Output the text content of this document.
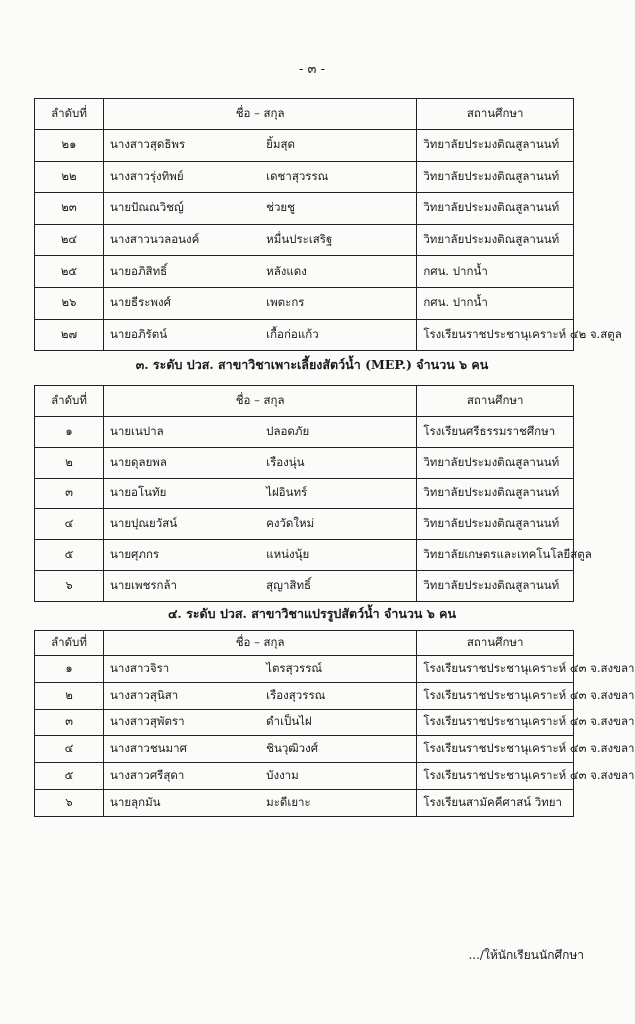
- ๓ -
ลำดับที่	ชื่อ – สกุล		สถานศึกษา
๒๑	นางสาวสุดธิพร	ยิ้มสุด	วิทยาลัยประมงติณสูลานนท์
๒๒	นางสาวรุ่งทิพย์	เดชาสุวรรณ	วิทยาลัยประมงติณสูลานนท์
๒๓	นายปัณณวิชญ์	ช่วยชู	วิทยาลัยประมงติณสูลานนท์
๒๔	นางสาวนวลอนงค์	หมื่นประเสริฐ	วิทยาลัยประมงติณสูลานนท์
๒๕	นายอภิสิทธิ์	หลังแดง	กศน. ปากน้ำ
๒๖	นายธีระพงศ์	เพตะกร	กศน. ปากน้ำ
๒๗	นายอภิรัตน์	เกื้อก่อแก้ว	โรงเรียนราชประชานุเคราะห์ ๔๒ จ.สตูล
๓. ระดับ ปวส. สาขาวิชาเพาะเลี้ยงสัตว์น้ำ (MEP.) จำนวน ๖ คน
ลำดับที่	ชื่อ – สกุล		สถานศึกษา
๑	นายเนปาล	ปลอดภัย	โรงเรียนศรีธรรมราชศึกษา
๒	นายดุลยพล	เรืองนุ่น	วิทยาลัยประมงติณสูลานนท์
๓	นายอโนทัย	ไฝอินทร์	วิทยาลัยประมงติณสูลานนท์
๔	นายปุณยวัสน์	คงวัดใหม่	วิทยาลัยประมงติณสูลานนท์
๕	นายศุภกร	แหน่งนุ้ย	วิทยาลัยเกษตรและเทคโนโลยีสตูล
๖	นายเพชรกล้า	สุญาสิทธิ์	วิทยาลัยประมงติณสูลานนท์
๔. ระดับ ปวส. สาขาวิชาแปรรูปสัตว์น้ำ จำนวน ๖ คน
ลำดับที่	ชื่อ – สกุล		สถานศึกษา
๑	นางสาวจิรา	ไตรสุวรรณ์	โรงเรียนราชประชานุเคราะห์ ๔๓ จ.สงขลา
๒	นางสาวสุนิสา	เรืองสุวรรณ	โรงเรียนราชประชานุเคราะห์ ๔๓ จ.สงขลา
๓	นางสาวสุพัตรา	ดำเป็นไฝ	โรงเรียนราชประชานุเคราะห์ ๔๓ จ.สงขลา
๔	นางสาวชนมาศ	ชินวุฒิวงศ์	โรงเรียนราชประชานุเคราะห์ ๔๓ จ.สงขลา
๕	นางสาวศรีสุดา	บังงาม	โรงเรียนราชประชานุเคราะห์ ๔๓ จ.สงขลา
๖	นายลุกมัน	มะดีเยาะ	โรงเรียนสามัคคีศาสน์ วิทยา
.../ให้นักเรียนนักศึกษา
